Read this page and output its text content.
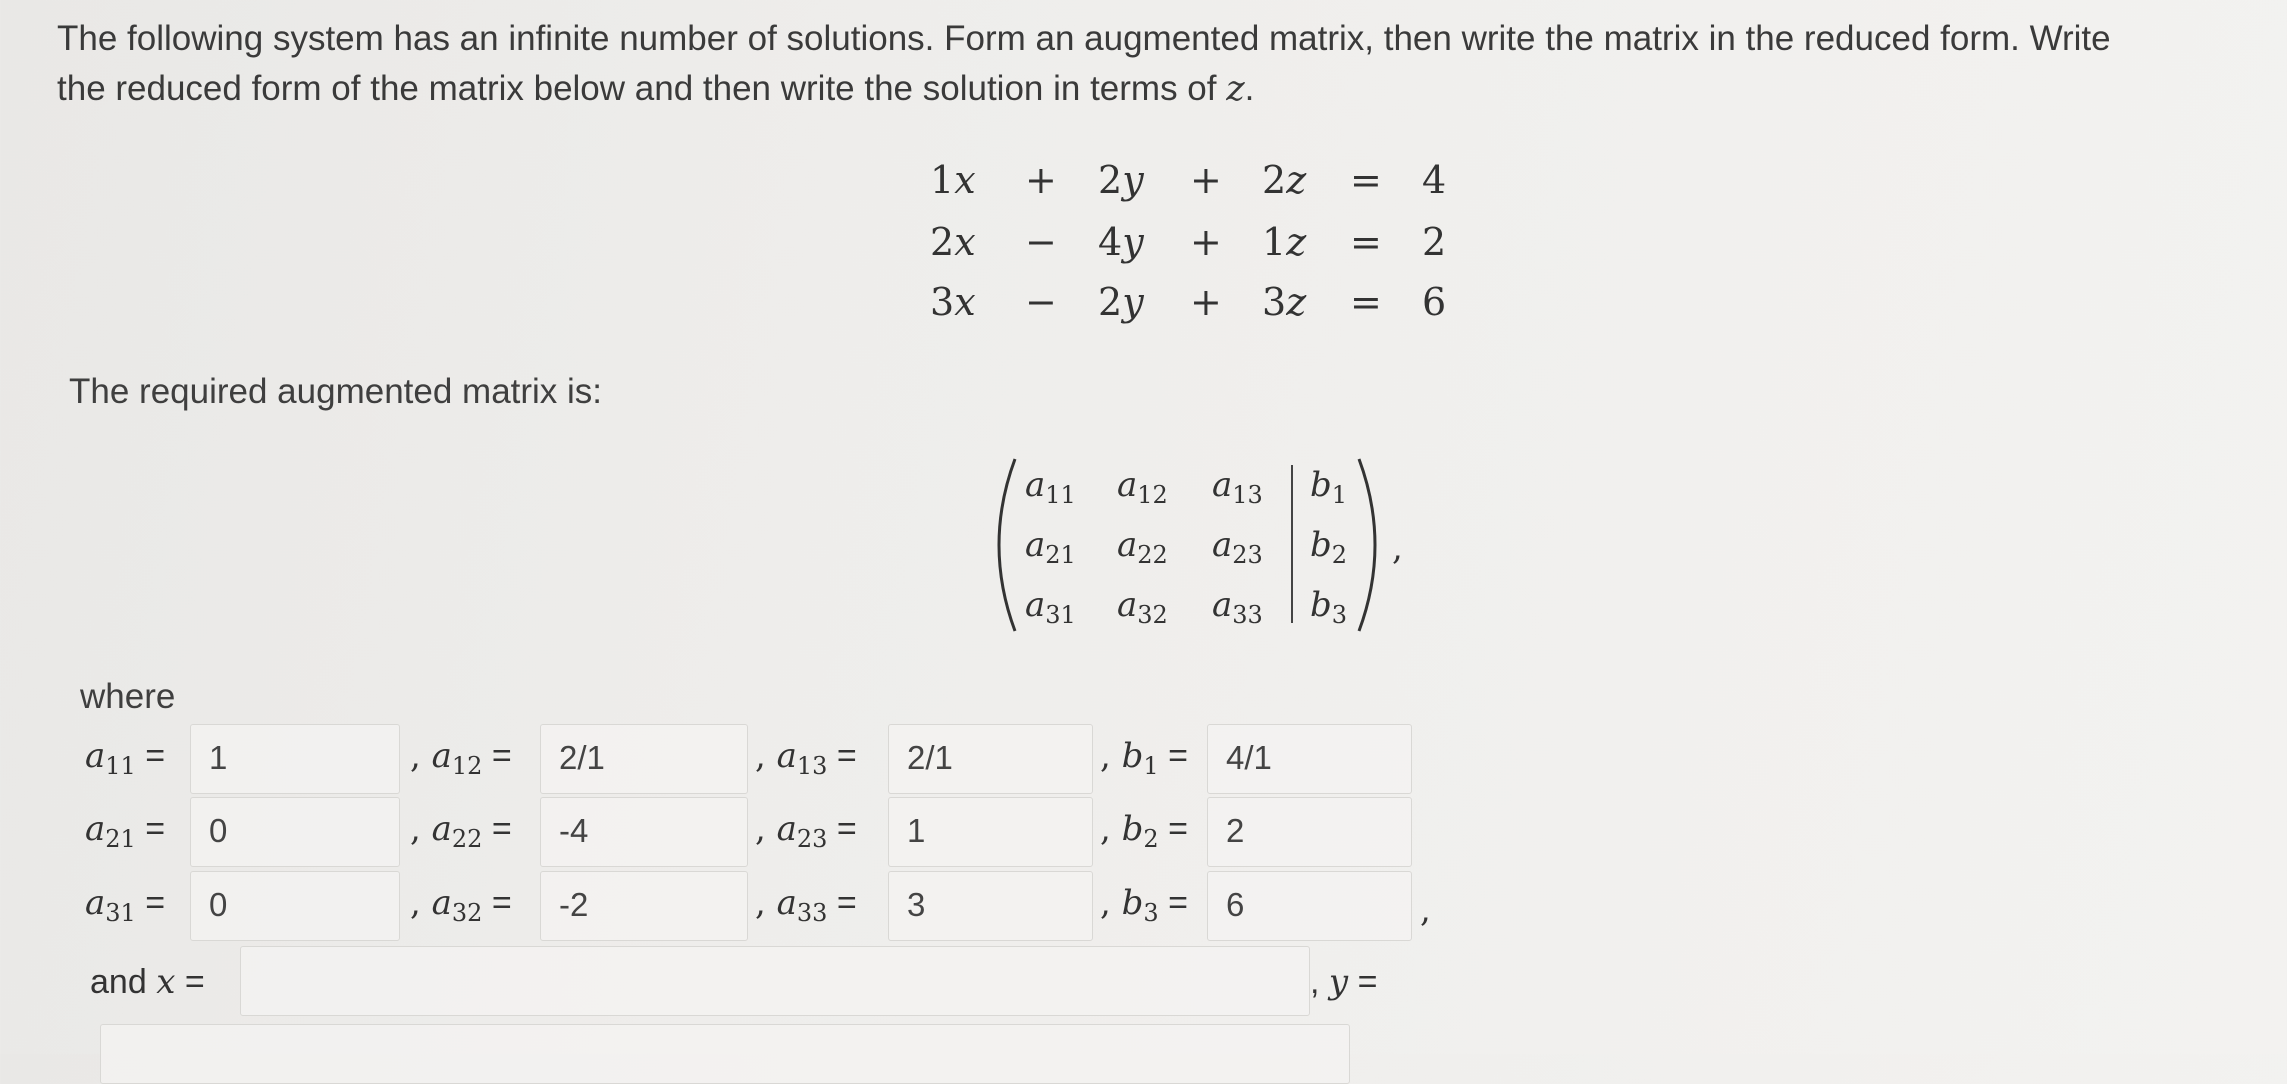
The following system has an infinite number of solutions. Form an augmented matrix, then write the matrix in the reduced form. Write
the reduced form of the matrix below and then write the solution in terms of z.
1x + 2y + 2z = 4
2x − 4y + 1z = 2
3x − 2y + 3z = 6
The required augmented matrix is:
$a_{11}$ $a_{12}$ $a_{13}$ $b_1$
$a_{21}$ $a_{22}$ $a_{23}$ $b_2$
$a_{31}$ $a_{32}$ $a_{33}$ $b_3$
,
where
$a_{11} = 1$	, $a_{12} = 2/1$	, $a_{13} = 2/1$	, $b_1 = 4/1$
$a_{21} = 0$	, $a_{22} = -4$	, $a_{23} = 1$	, $b_2 = 2$
$a_{31} = 0$	, $a_{32} = -2$	, $a_{33} = 3$	, $b_3 = 6$	,
and x =	, y =
